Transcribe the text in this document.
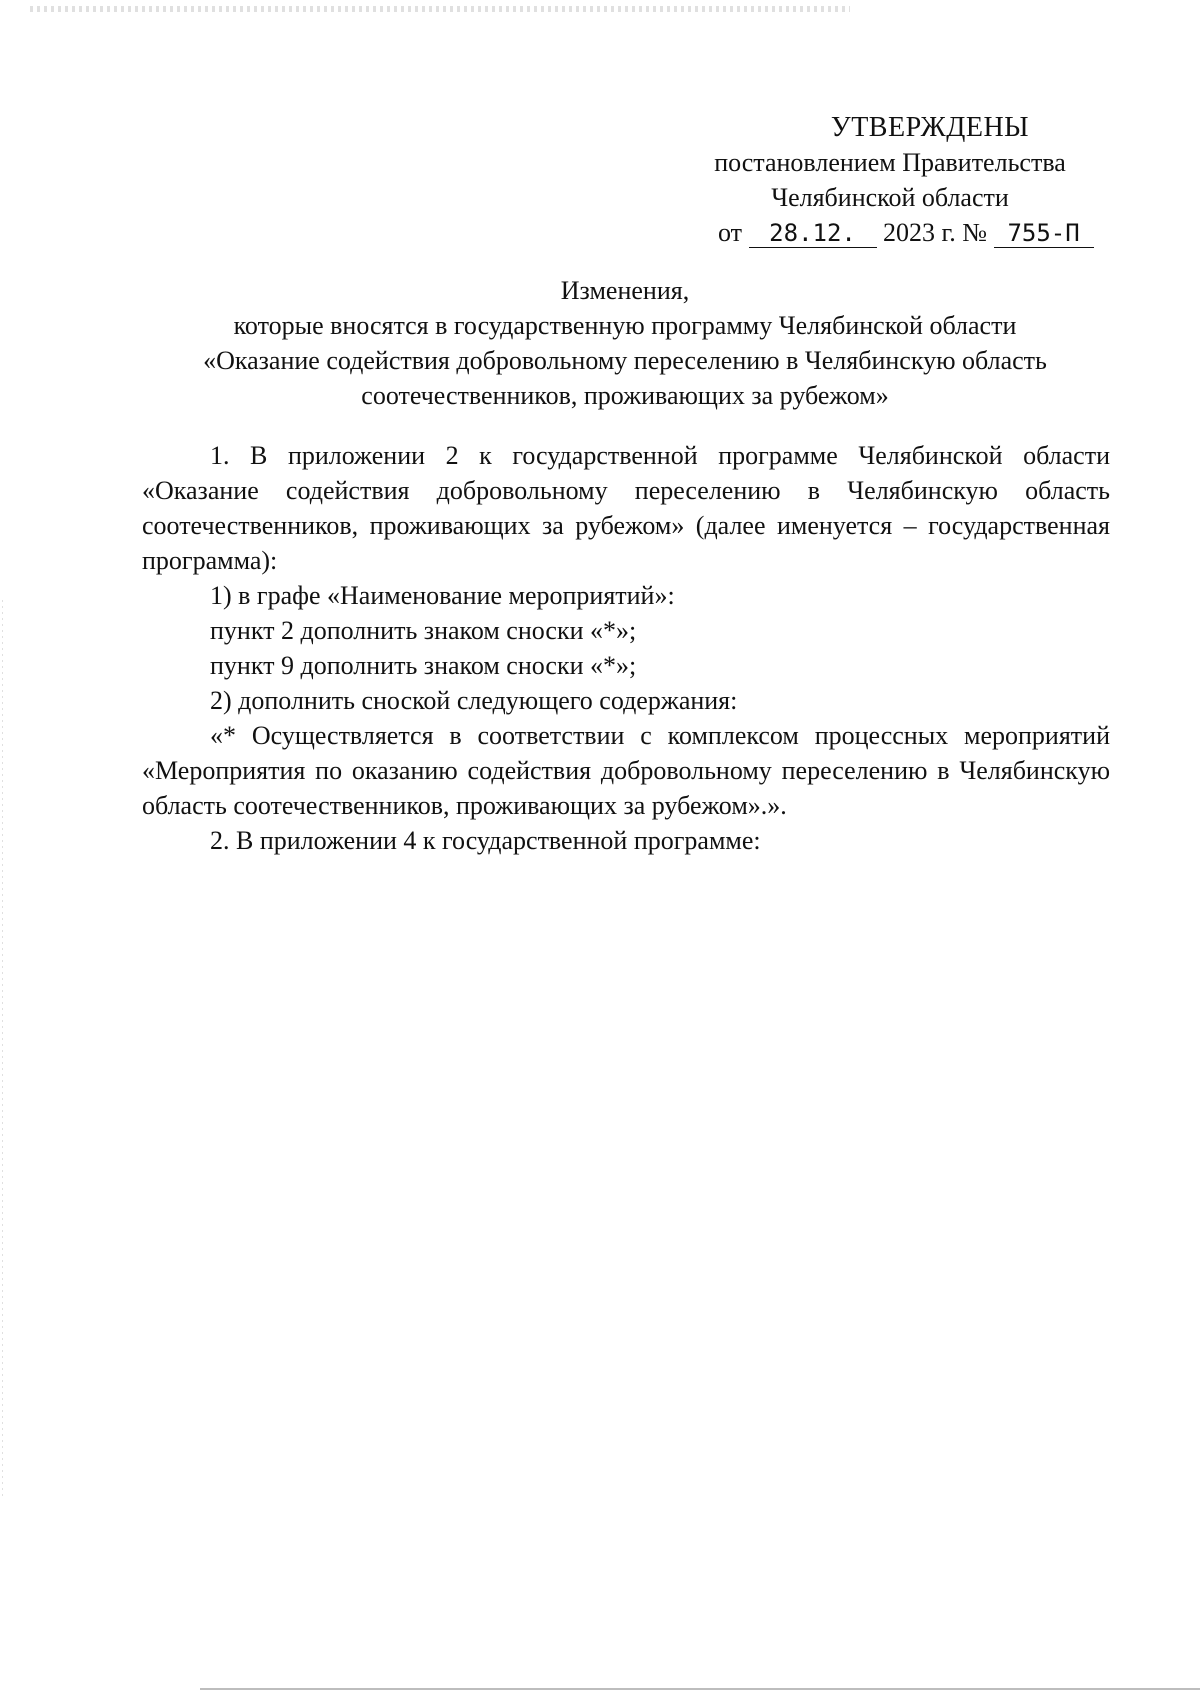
УТВЕРЖДЕНЫ
постановлением Правительства
Челябинской области
от 28.12. 2023 г. № 755-П
Изменения,
которые вносятся в государственную программу Челябинской области
«Оказание содействия добровольному переселению в Челябинскую область
соотечественников, проживающих за рубежом»

1. В приложении 2 к государственной программе Челябинской области «Оказание содействия добровольному переселению в Челябинскую область соотечественников, проживающих за рубежом» (далее именуется – государственная программа):

1) в графе «Наименование мероприятий»:

пункт 2 дополнить знаком сноски «*»;

пункт 9 дополнить знаком сноски «*»;

2) дополнить сноской следующего содержания:

«* Осуществляется в соответствии с комплексом процессных мероприятий «Мероприятия по оказанию содействия добровольному переселению в Челябинскую область соотечественников, проживающих за рубежом».».

2. В приложении 4 к государственной программе:
